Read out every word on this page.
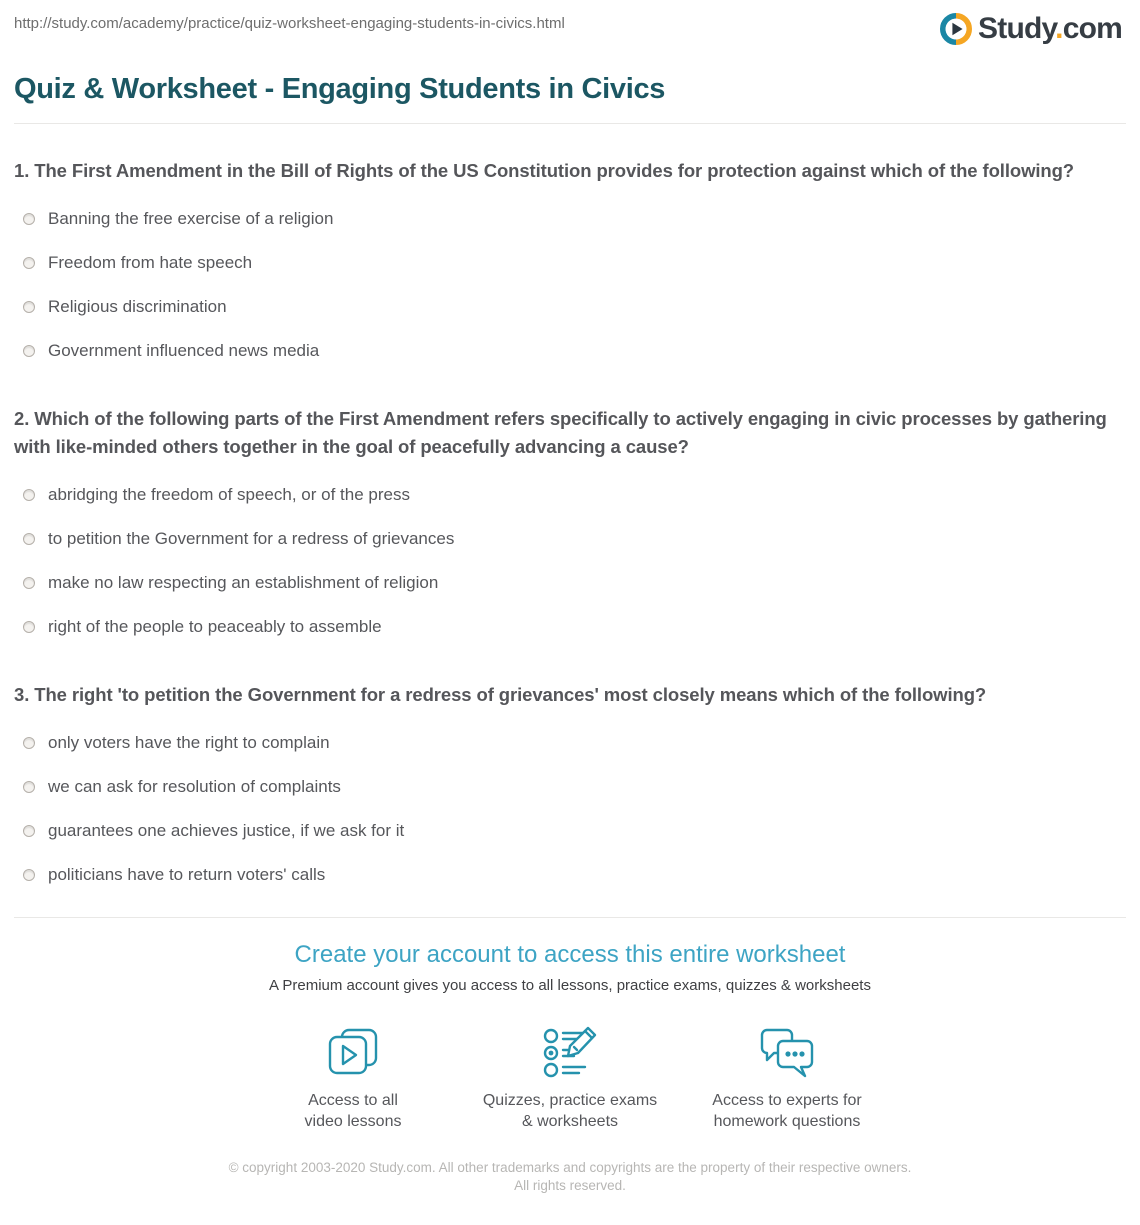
http://study.com/academy/practice/quiz-worksheet-engaging-students-in-civics.html	Study.com
Quiz & Worksheet - Engaging Students in Civics
1. The First Amendment in the Bill of Rights of the US Constitution provides for protection against which of the following?
Banning the free exercise of a religion
Freedom from hate speech
Religious discrimination
Government influenced news media
2. Which of the following parts of the First Amendment refers specifically to actively engaging in civic processes by gathering with like-minded others together in the goal of peacefully advancing a cause?
abridging the freedom of speech, or of the press
to petition the Government for a redress of grievances
make no law respecting an establishment of religion
right of the people to peaceably to assemble
3. The right 'to petition the Government for a redress of grievances' most closely means which of the following?
only voters have the right to complain
we can ask for resolution of complaints
guarantees one achieves justice, if we ask for it
politicians have to return voters' calls
Create your account to access this entire worksheet
A Premium account gives you access to all lessons, practice exams, quizzes & worksheets
Access to all
video lessons
Quizzes, practice exams
& worksheets
Access to experts for
homework questions
© copyright 2003-2020 Study.com. All other trademarks and copyrights are the property of their respective owners. All rights reserved.
